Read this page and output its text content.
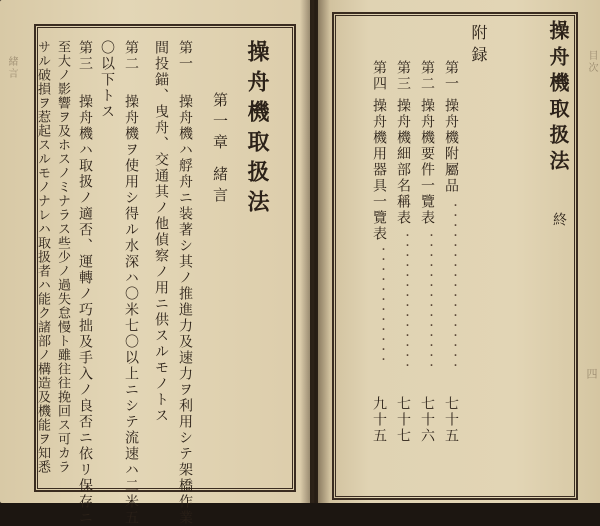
緒言	操舟機取扱法
第一章 緒言
第一
操舟機ハ艀舟ニ装著シ其ノ推進力及速力ヲ利用シテ架橋作業
間投錨、曳舟、交通其ノ他偵察ノ用ニ供スルモノトス
第二
操舟機ヲ使用シ得ル水深ハ〇米七〇以上ニシテ流速ハ二米五
〇以下トス
第三
操舟機ハ取扱ノ適否、運轉ノ巧拙及手入ノ良否ニ依リ保存ニ
至大ノ影響ヲ及ホスノミナラス些少ノ過失怠慢ト雖往往挽回ス可カラ
サル破損ヲ惹起スルモノナレハ取扱者ハ能ク諸部ノ構造及機能ヲ知悉	目次
四
操舟機取扱法
終
附録
第一
操舟機附屬品
・・・・・・・・・・・・・・・・・
七十五
第二
操舟機要件一覽表
・・・・・・・・・・・・・・
七十六
第三
操舟機細部名稱表
・・・・・・・・・・・・・・
七十七
第四
操舟機用器具一覽表
・・・・・・・・・・・・
九十五
